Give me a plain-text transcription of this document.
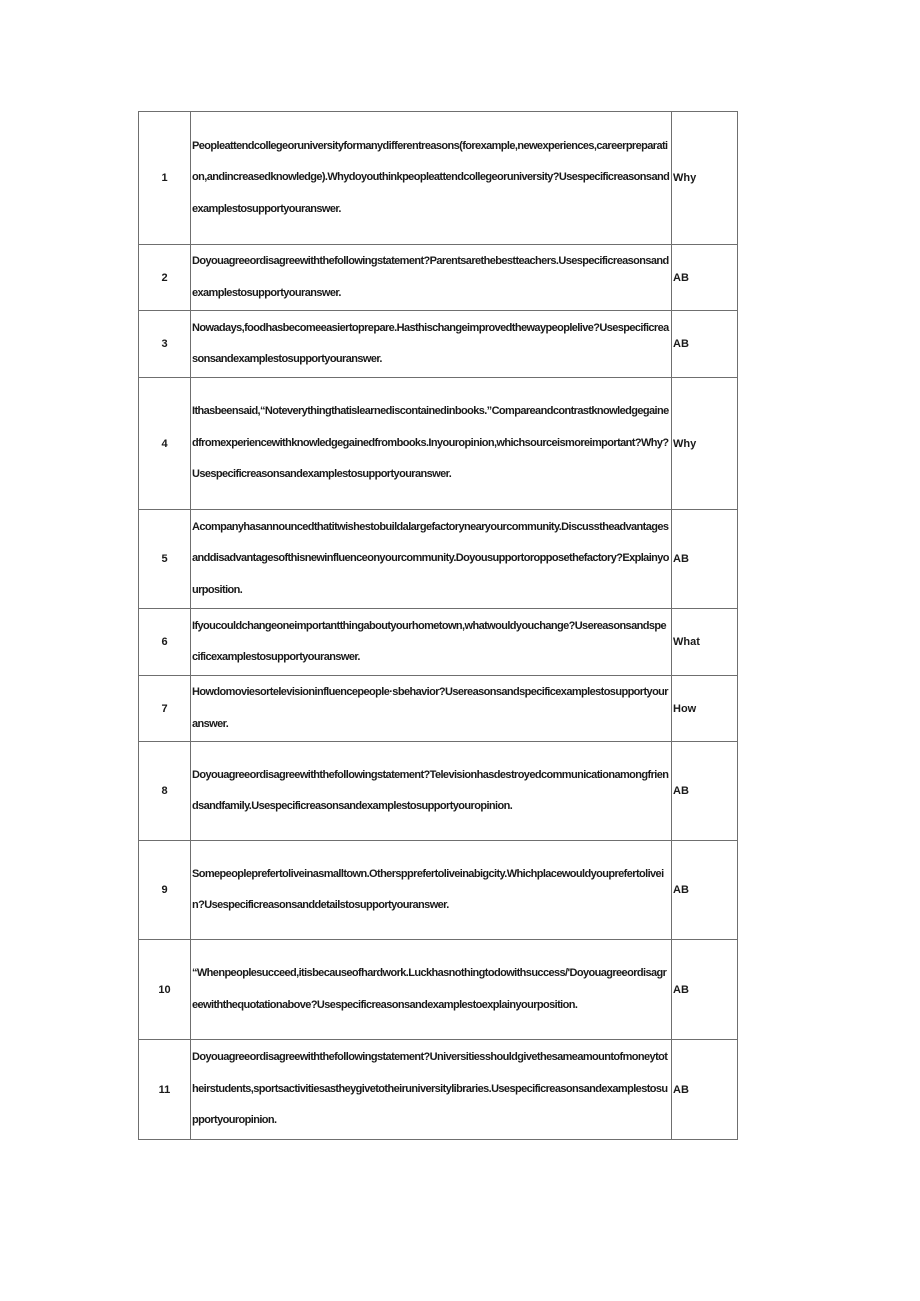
1	Peopleattendcollegeoruniversityformanydifferentreasons(forexample,newexperiences,careerpreparation,andincreasedknowledge).Whydoyouthinkpeopleattendcollegeoruniversity?Usespecificreasonsandexamplestosupportyouranswer.	Why
2	Doyouagreeordisagreewiththefollowingstatement?Parentsarethebestteachers.Usespecificreasonsandexamplestosupportyouranswer.	AB
3	Nowadays,foodhasbecomeeasiertoprepare.Hasthischangeimprovedthewaypeoplelive?Usespecificreasonsandexamplestosupportyouranswer.	AB
4	Ithasbeensaid,“Noteverythingthatislearnediscontainedinbooks.”Compareandcontrastknowledgegainedfromexperiencewithknowledgegainedfrombooks.Inyouropinion,whichsourceismoreimportant?Why?Usespecificreasonsandexamplestosupportyouranswer.	Why
5	Acompanyhasannouncedthatitwishestobuildalargefactorynearyourcommunity.Discusstheadvantagesanddisadvantagesofthisnewinfluenceonyourcommunity.Doyousupportoropposethefactory?Explainyourposition.	AB
6	Ifyoucouldchangeoneimportantthingaboutyourhometown,whatwouldyouchange?Usereasonsandspecificexamplestosupportyouranswer.	What
7	Howdomoviesortelevisioninfluencepeople·sbehavior?Usereasonsandspecificexamplestosupportyouranswer.	How
8	Doyouagreeordisagreewiththefollowingstatement?Televisionhasdestroyedcommunicationamongfriendsandfamily.Usespecificreasonsandexamplestosupportyouropinion.	AB
9	Somepeopleprefertoliveinasmalltown.Otherspprefertoliveinabigcity.Whichplacewouldyouprefertolivein?Usespecificreasonsanddetailstosupportyouranswer.	AB
10	“Whenpeoplesucceed,itisbecauseofhardwork.Luckhasnothingtodowithsuccess/'Doyouagreeordisagreewiththequotationabove?Usespecificreasonsandexamplestoexplainyourposition.	AB
11	Doyouagreeordisagreewiththefollowingstatement?Universitiesshouldgivethesameamountofmoneytotheirstudents,sportsactivitiesastheygivetotheiruniversitylibraries.Usespecificreasonsandexamplestosupportyouropinion.	AB
